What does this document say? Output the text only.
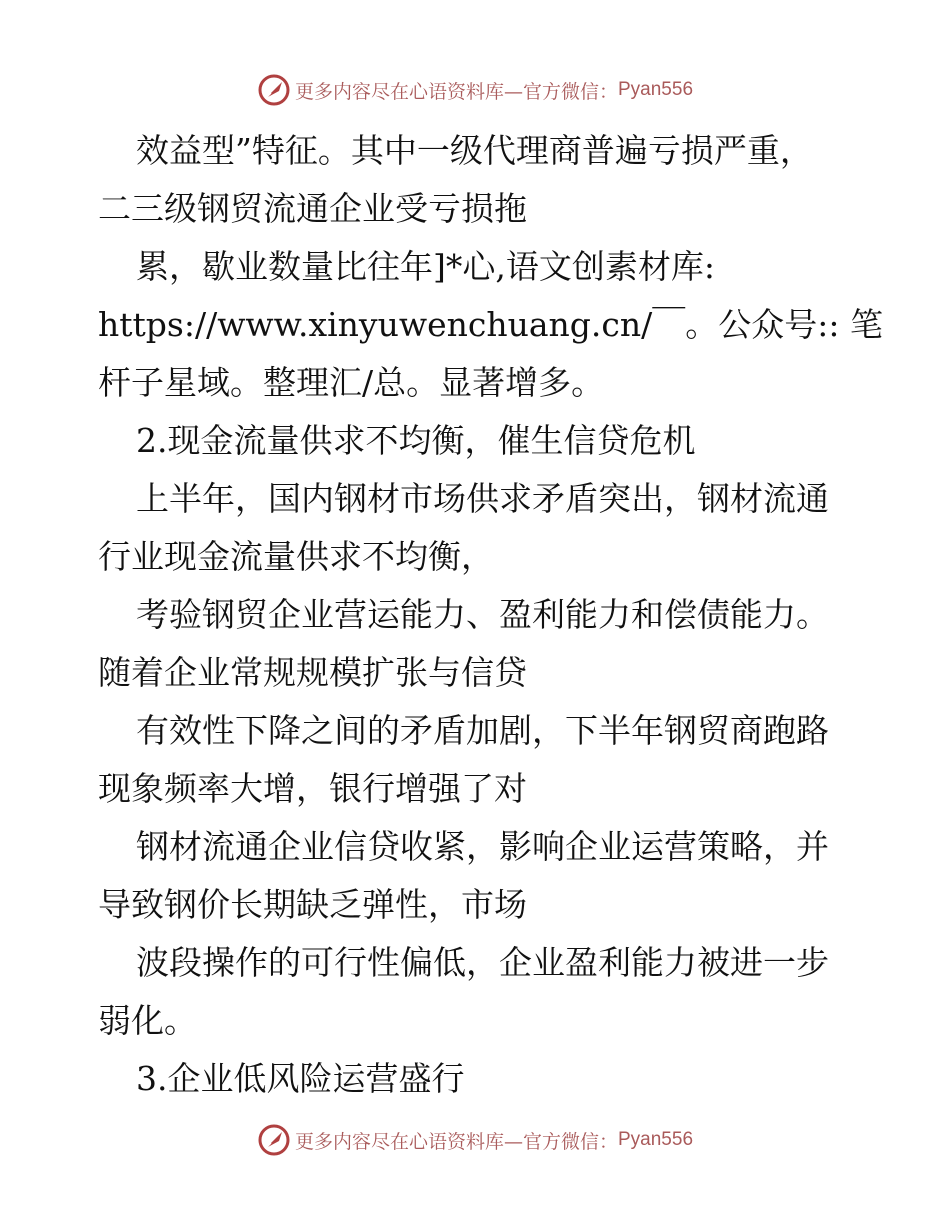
更多内容尽在心语资料库—官方微信： Pyan556
效益型”特征。其中一级代理商普遍亏损严重，
二三级钢贸流通企业受亏损拖
累，歇业数量比往年]*心,语文创素材库:
https://www.xinyuwenchuang.cn/￣。公众号:: 笔
杆子星域。整理汇/总。显著增多。
2.现金流量供求不均衡，催生信贷危机
上半年，国内钢材市场供求矛盾突出，钢材流通
行业现金流量供求不均衡，
考验钢贸企业营运能力、盈利能力和偿债能力。
随着企业常规规模扩张与信贷
有效性下降之间的矛盾加剧，下半年钢贸商跑路
现象频率大增，银行增强了对
钢材流通企业信贷收紧，影响企业运营策略，并
导致钢价长期缺乏弹性，市场
波段操作的可行性偏低，企业盈利能力被进一步
弱化。
3.企业低风险运营盛行
更多内容尽在心语资料库—官方微信： Pyan556
